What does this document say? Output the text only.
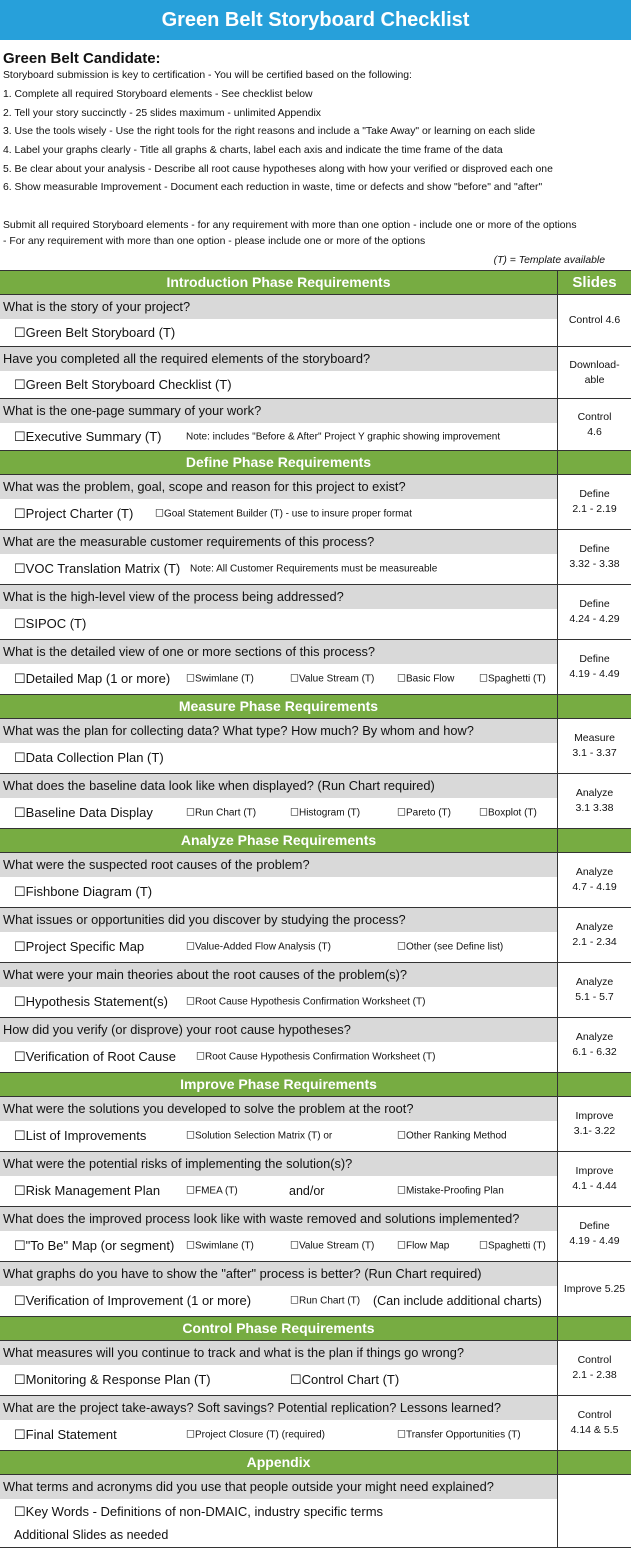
Green Belt Storyboard Checklist
Green Belt Candidate:
Storyboard submission is key to certification - You will be certified based on the following:
1. Complete all required Storyboard elements - See checklist below
2. Tell your story succinctly - 25 slides maximum - unlimited Appendix
3. Use the tools wisely - Use the right tools for the right reasons and include a "Take Away" or learning on each slide
4. Label your graphs clearly - Title all graphs & charts, label each axis and indicate the time frame of the data
5. Be clear about your analysis - Describe all root cause hypotheses along with how your verified or disproved each one
6. Show measurable Improvement - Document each reduction in waste, time or defects and show "before" and "after"
Submit all required Storyboard elements - for any requirement with more than one option - include one or more of the options
- For any requirement with more than one option - please include one or more of the options
(T) = Template available
Introduction Phase Requirements	Slides
What is the story of your project?
☐Green Belt Storyboard (T)
Control 4.6
Have you completed all the required elements of the storyboard?
☐Green Belt Storyboard Checklist (T)
Download-
able
What is the one-page summary of your work?
☐Executive Summary (T) Note: includes "Before & After" Project Y graphic showing improvement
Control
4.6
Define Phase Requirements
What was the problem, goal, scope and reason for this project to exist?
☐Project Charter (T) ☐Goal Statement Builder (T) - use to insure proper format
Define
2.1 - 2.19
What are the measurable customer requirements of this process?
☐VOC Translation Matrix (T) Note: All Customer Requirements must be measureable
Define
3.32 - 3.38
What is the high-level view of the process being addressed?
☐SIPOC (T)
Define
4.24 - 4.29
What is the detailed view of one or more sections of this process?
☐Detailed Map (1 or more) ☐Swimlane (T)	☐Value Stream (T) ☐Basic Flow ☐Spaghetti (T)
Define
4.19 - 4.49
Measure Phase Requirements
What was the plan for collecting data? What type? How much? By whom and how?
☐Data Collection Plan (T)
Measure
3.1 - 3.37
What does the baseline data look like when displayed? (Run Chart required)
☐Baseline Data Display	☐Run Chart (T)	☐Histogram (T)	☐Pareto (T)	☐Boxplot (T)
Analyze
3.1 3.38
Analyze Phase Requirements
What were the suspected root causes of the problem?
☐Fishbone Diagram (T)
Analyze
4.7 - 4.19
What issues or opportunities did you discover by studying the process?
☐Project Specific Map	☐Value-Added Flow Analysis (T)	☐Other (see Define list)
Analyze
2.1 - 2.34
What were your main theories about the root causes of the problem(s)?
☐Hypothesis Statement(s) ☐Root Cause Hypothesis Confirmation Worksheet (T)
Analyze
5.1 - 5.7
How did you verify (or disprove) your root cause hypotheses?
☐Verification of Root Cause ☐Root Cause Hypothesis Confirmation Worksheet (T)
Analyze
6.1 - 6.32
Improve Phase Requirements
What were the solutions you developed to solve the problem at the root?
☐List of Improvements	☐Solution Selection Matrix (T) or	☐Other Ranking Method
Improve
3.1- 3.22
What were the potential risks of implementing the solution(s)?
☐Risk Management Plan	☐FMEA (T)	and/or	☐Mistake-Proofing Plan
Improve
4.1 - 4.44
What does the improved process look like with waste removed and solutions implemented?
☐"To Be" Map (or segment) ☐Swimlane (T)	☐Value Stream (T) ☐Flow Map	☐Spaghetti (T)
Define
4.19 - 4.49
What graphs do you have to show the "after" process is better? (Run Chart required)
☐Verification of Improvement (1 or more)	☐Run Chart (T) (Can include additional charts)
Improve 5.25
Control Phase Requirements
What measures will you continue to track and what is the plan if things go wrong?
☐Monitoring & Response Plan (T)	☐Control Chart (T)
Control
2.1 - 2.38
What are the project take-aways? Soft savings? Potential replication? Lessons learned?
☐Final Statement	☐Project Closure (T) (required)	☐Transfer Opportunities (T)
Control
4.14 & 5.5
Appendix
What terms and acronyms did you use that people outside your might need explained?
☐Key Words - Definitions of non-DMAIC, industry specific terms
Additional Slides as needed
